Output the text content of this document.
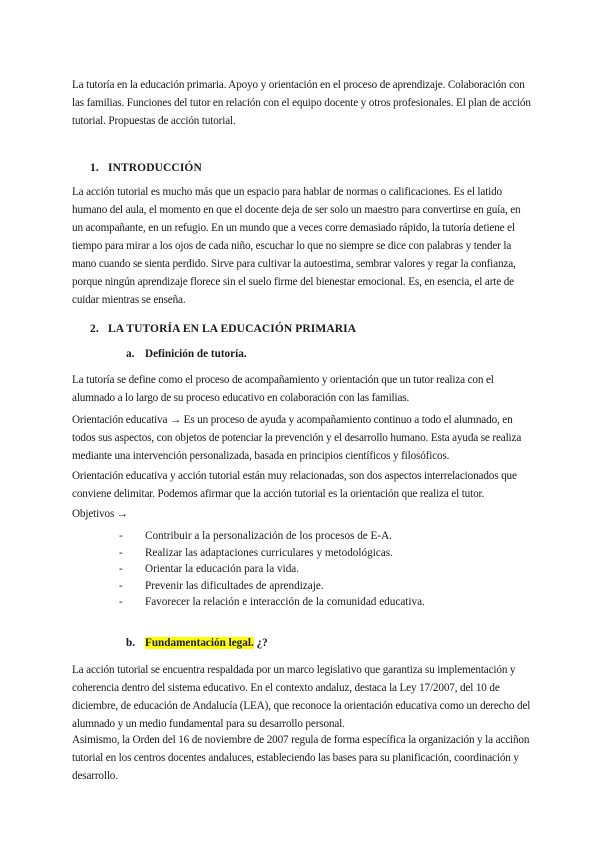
La tutoría en la educación primaria. Apoyo y orientación en el proceso de aprendizaje. Colaboración con las familias. Funciones del tutor en relación con el equipo docente y otros profesionales. El plan de acción tutorial. Propuestas de acción tutorial.

1. INTRODUCCIÓN

La acción tutorial es mucho más que un espacio para hablar de normas o calificaciones. Es el latido humano del aula, el momento en que el docente deja de ser solo un maestro para convertirse en guía, en un acompañante, en un refugio. En un mundo que a veces corre demasiado rápido, la tutoría detiene el tiempo para mirar a los ojos de cada niño, escuchar lo que no siempre se dice con palabras y tender la mano cuando se sienta perdido. Sirve para cultivar la autoestima, sembrar valores y regar la confianza, porque ningún aprendizaje florece sin el suelo firme del bienestar emocional. Es, en esencia, el arte de cuidar mientras se enseña.

2. LA TUTORÍA EN LA EDUCACIÓN PRIMARIA
a. Definición de tutoría.

La tutoría se define como el proceso de acompañamiento y orientación que un tutor realiza con el alumnado a lo largo de su proceso educativo en colaboración con las familias.

Orientación educativa → Es un proceso de ayuda y acompañamiento continuo a todo el alumnado, en todos sus aspectos, con objetos de potenciar la prevención y el desarrollo humano. Esta ayuda se realiza mediante una intervención personalizada, basada en principios científicos y filosóficos.

Orientación educativa y acción tutorial están muy relacionadas, son dos aspectos interrelacionados que conviene delimitar. Podemos afirmar que la acción tutorial es la orientación que realiza el tutor.

Objetivos →

- Contribuir a la personalización de los procesos de E-A.
- Realizar las adaptaciones curriculares y metodológicas.
- Orientar la educación para la vida.
- Prevenir las dificultades de aprendizaje.
- Favorecer la relación e interacción de la comunidad educativa.
b. Fundamentación legal. ¿?

La acción tutorial se encuentra respaldada por un marco legislativo que garantiza su implementación y coherencia dentro del sistema educativo. En el contexto andaluz, destaca la Ley 17/2007, del 10 de diciembre, de educación de Andalucía (LEA), que reconoce la orientación educativa como un derecho del alumnado y un medio fundamental para su desarrollo personal.

Asimismo, la Orden del 16 de noviembre de 2007 regula de forma específica la organización y la acciñon tutorial en los centros docentes andaluces, estableciendo las bases para su planificación, coordinación y desarrollo.
